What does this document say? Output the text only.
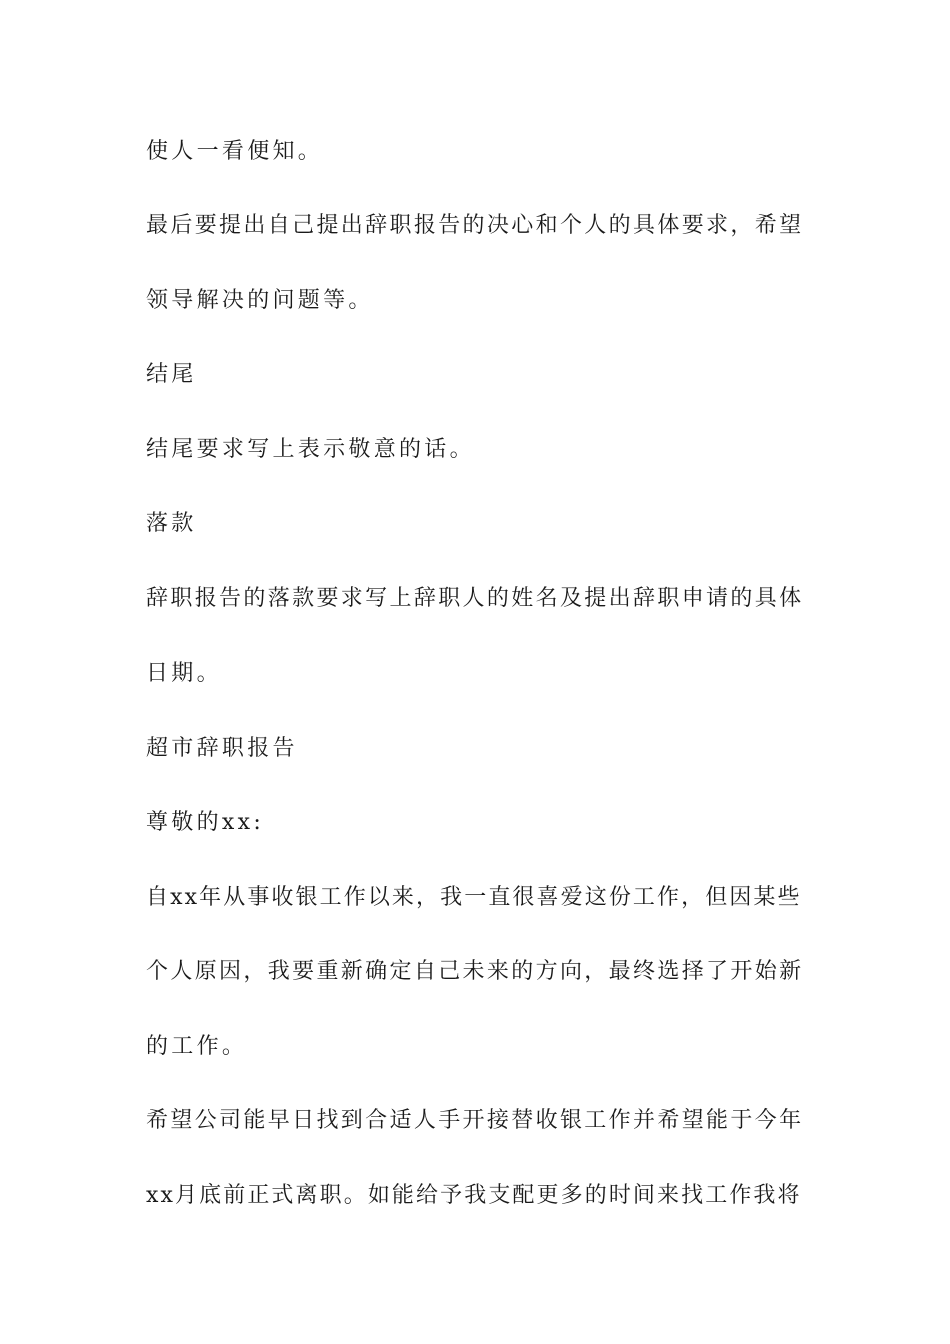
使人一看便知。
最后要提出自己提出辞职报告的决心和个人的具体要求，希望
领导解决的问题等。
结尾
结尾要求写上表示敬意的话。
落款
辞职报告的落款要求写上辞职人的姓名及提出辞职申请的具体
日期。
超市辞职报告
尊敬的xx:
自xx年从事收银工作以来，我一直很喜爱这份工作，但因某些
个人原因，我要重新确定自己未来的方向，最终选择了开始新
的工作。
希望公司能早日找到合适人手开接替收银工作并希望能于今年
xx月底前正式离职。如能给予我支配更多的时间来找工作我将
